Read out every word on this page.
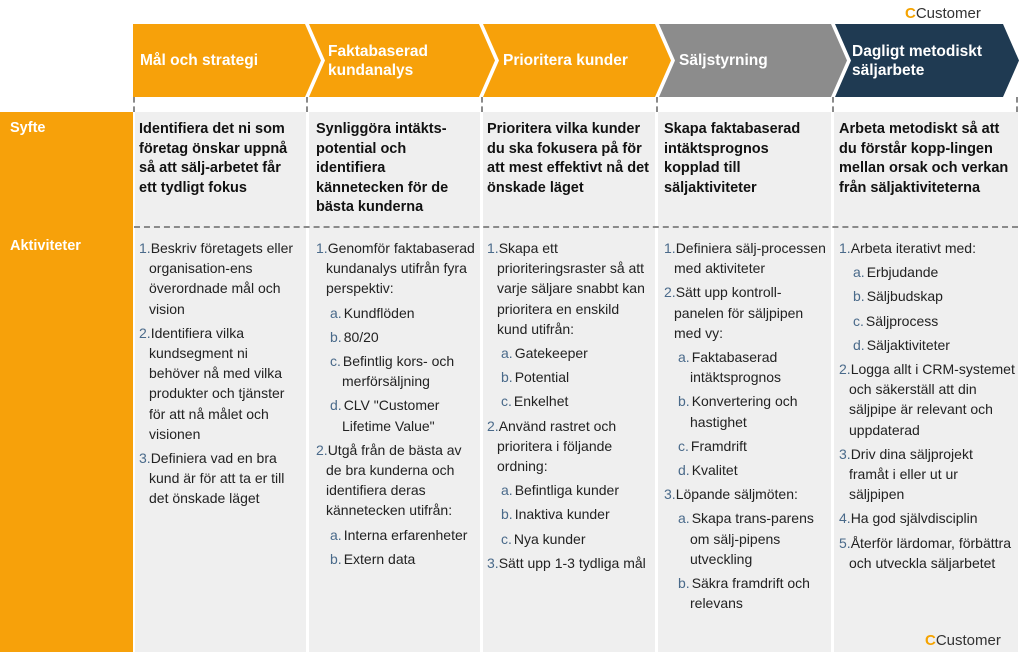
CCustomer
Mål och strategi
Faktabaserad kundanalys
Prioritera kunder	Säljstyrning
Dagligt metodiskt säljarbete
Syfte
Aktiviteter
Identifiera det ni som företag önskar uppnå så att sälj-arbetet får ett tydligt fokus
Synliggöra intäkts-potential och identifiera kännetecken för de bästa kunderna
Prioritera vilka kunder du ska fokusera på för att mest effektivt nå det önskade läget
Skapa faktabaserad intäktsprognos kopplad till säljaktiviteter
Arbeta metodiskt så att du förstår kopp-lingen mellan orsak och verkan från säljaktiviteterna
1.Beskriv företagets eller organisation-ens överordnade mål och vision
2.Identifiera vilka kundsegment ni behöver nå med vilka produkter och tjänster för att nå målet och visionen
3.Definiera vad en bra kund är för att ta er till det önskade läget
1.Genomför faktabaserad kundanalys utifrån fyra perspektiv:
a. Kundflöden
b. 80/20
c. Befintlig kors- och merförsäljning
d. CLV "Customer Lifetime Value"
2.Utgå från de bästa av de bra kunderna och identifiera deras kännetecken utifrån:
a. Interna erfarenheter
b. Extern data
1.Skapa ett prioriteringsraster så att varje säljare snabbt kan prioritera en enskild kund utifrån:
a. Gatekeeper
b. Potential
c. Enkelhet
2.Använd rastret och prioritera i följande ordning:
a. Befintliga kunder
b. Inaktiva kunder
c. Nya kunder
3.Sätt upp 1-3 tydliga mål
1.Definiera sälj-processen med aktiviteter
2.Sätt upp kontroll-panelen för säljpipen med vy:
a. Faktabaserad intäktsprognos
b. Konvertering och hastighet
c. Framdrift
d. Kvalitet
3.Löpande säljmöten:
a. Skapa trans-parens om sälj-pipens utveckling
b. Säkra framdrift och relevans
1.Arbeta iterativt med:
a. Erbjudande
b. Säljbudskap
c. Säljprocess
d. Säljaktiviteter
2.Logga allt i CRM-systemet och säkerställ att din säljpipe är relevant och uppdaterad
3.Driv dina säljprojekt framåt i eller ut ur säljpipen
4.Ha god självdisciplin
5.Återför lärdomar, förbättra och utveckla säljarbetet
CCustomer
